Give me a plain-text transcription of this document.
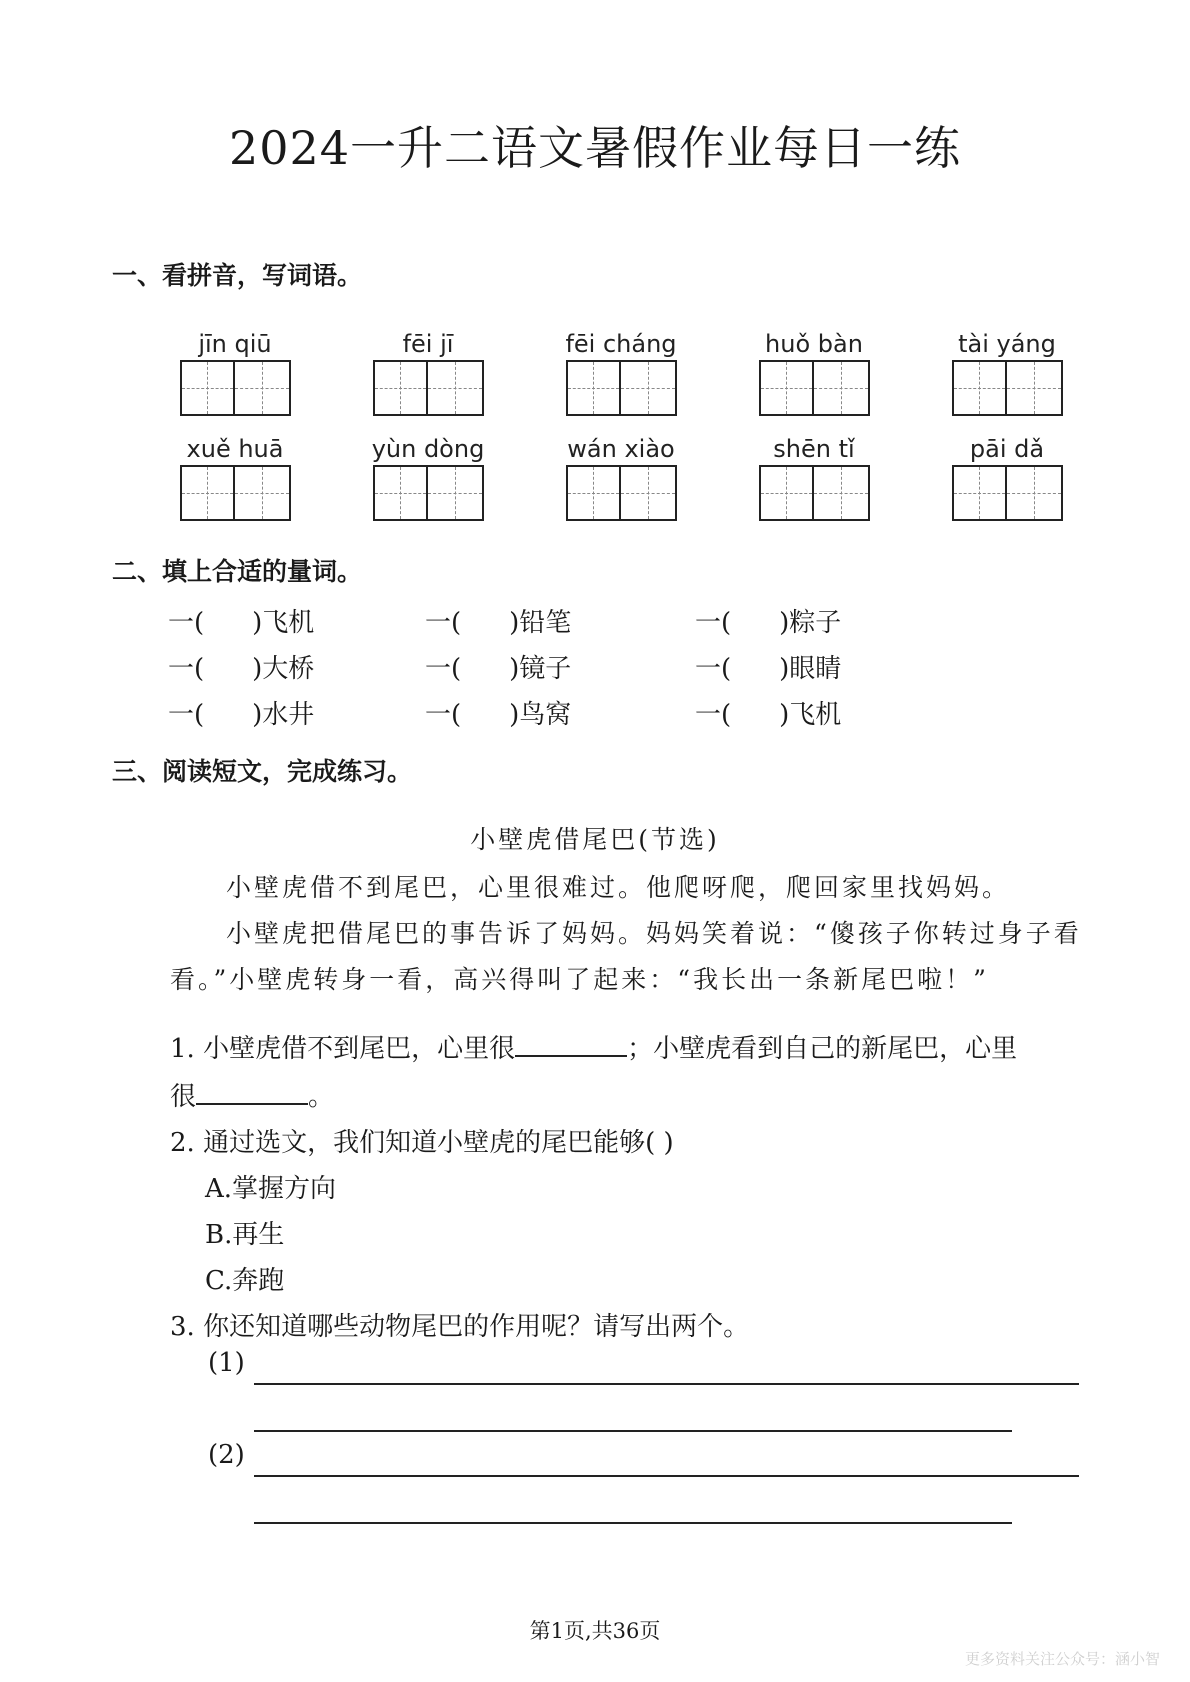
2024一升二语文暑假作业每日一练
一、看拼音，写词语。
jīn qiū	fēi jī	fēi cháng	huǒ bàn	tài yáng
xuě huā	yùn dòng	wán xiào	shēn tǐ	pāi dǎ
二、填上合适的量词。
一( )飞机	一( )铅笔	一( )粽子
一( )大桥	一( )镜子	一( )眼睛
一( )水井	一( )鸟窝	一( )飞机
三、阅读短文，完成练习。
小壁虎借尾巴(节选)
小壁虎借不到尾巴，心里很难过。他爬呀爬，爬回家里找妈妈。
小壁虎把借尾巴的事告诉了妈妈。妈妈笑着说：“傻孩子你转过身子看
看。”小壁虎转身一看，高兴得叫了起来：“我长出一条新尾巴啦！”
1. 小壁虎借不到尾巴，心里很	；小壁虎看到自己的新尾巴，心里
很	。
2. 通过选文，我们知道小壁虎的尾巴能够( )
A.掌握方向
B.再生
C.奔跑
3. 你还知道哪些动物尾巴的作用呢？请写出两个。
(1)
(2)
第1页,共36页
更多资料关注公众号：涵小智
